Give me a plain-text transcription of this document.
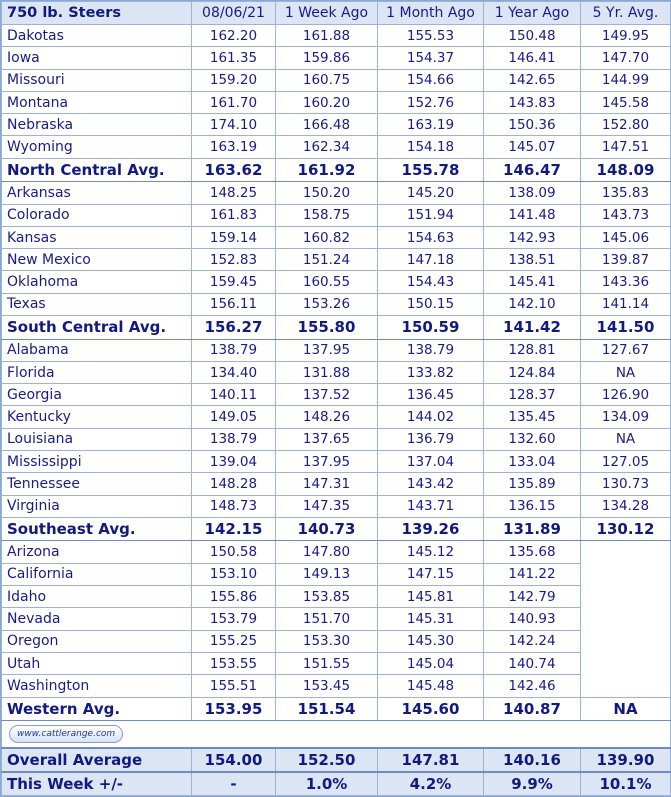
750 lb. Steers	08/06/21	1 Week Ago	1 Month Ago	1 Year Ago	5 Yr. Avg.
Dakotas	162.20	161.88	155.53	150.48	149.95
Iowa	161.35	159.86	154.37	146.41	147.70
Missouri	159.20	160.75	154.66	142.65	144.99
Montana	161.70	160.20	152.76	143.83	145.58
Nebraska	174.10	166.48	163.19	150.36	152.80
Wyoming	163.19	162.34	154.18	145.07	147.51
North Central Avg.	163.62	161.92	155.78	146.47	148.09
Arkansas	148.25	150.20	145.20	138.09	135.83
Colorado	161.83	158.75	151.94	141.48	143.73
Kansas	159.14	160.82	154.63	142.93	145.06
New Mexico	152.83	151.24	147.18	138.51	139.87
Oklahoma	159.45	160.55	154.43	145.41	143.36
Texas	156.11	153.26	150.15	142.10	141.14
South Central Avg.	156.27	155.80	150.59	141.42	141.50
Alabama	138.79	137.95	138.79	128.81	127.67
Florida	134.40	131.88	133.82	124.84	NA
Georgia	140.11	137.52	136.45	128.37	126.90
Kentucky	149.05	148.26	144.02	135.45	134.09
Louisiana	138.79	137.65	136.79	132.60	NA
Mississippi	139.04	137.95	137.04	133.04	127.05
Tennessee	148.28	147.31	143.42	135.89	130.73
Virginia	148.73	147.35	143.71	136.15	134.28
Southeast Avg.	142.15	140.73	139.26	131.89	130.12
Arizona	150.58	147.80	145.12	135.68	
California	153.10	149.13	147.15	141.22	
Idaho	155.86	153.85	145.81	142.79	
Nevada	153.79	151.70	145.31	140.93	
Oregon	155.25	153.30	145.30	142.24	
Utah	153.55	151.55	145.04	140.74	
Washington	155.51	153.45	145.48	142.46	
Western Avg.	153.95	151.54	145.60	140.87	NA
www.cattlerange.com					
Overall Average	154.00	152.50	147.81	140.16	139.90
This Week +/-	-	1.0%	4.2%	9.9%	10.1%
